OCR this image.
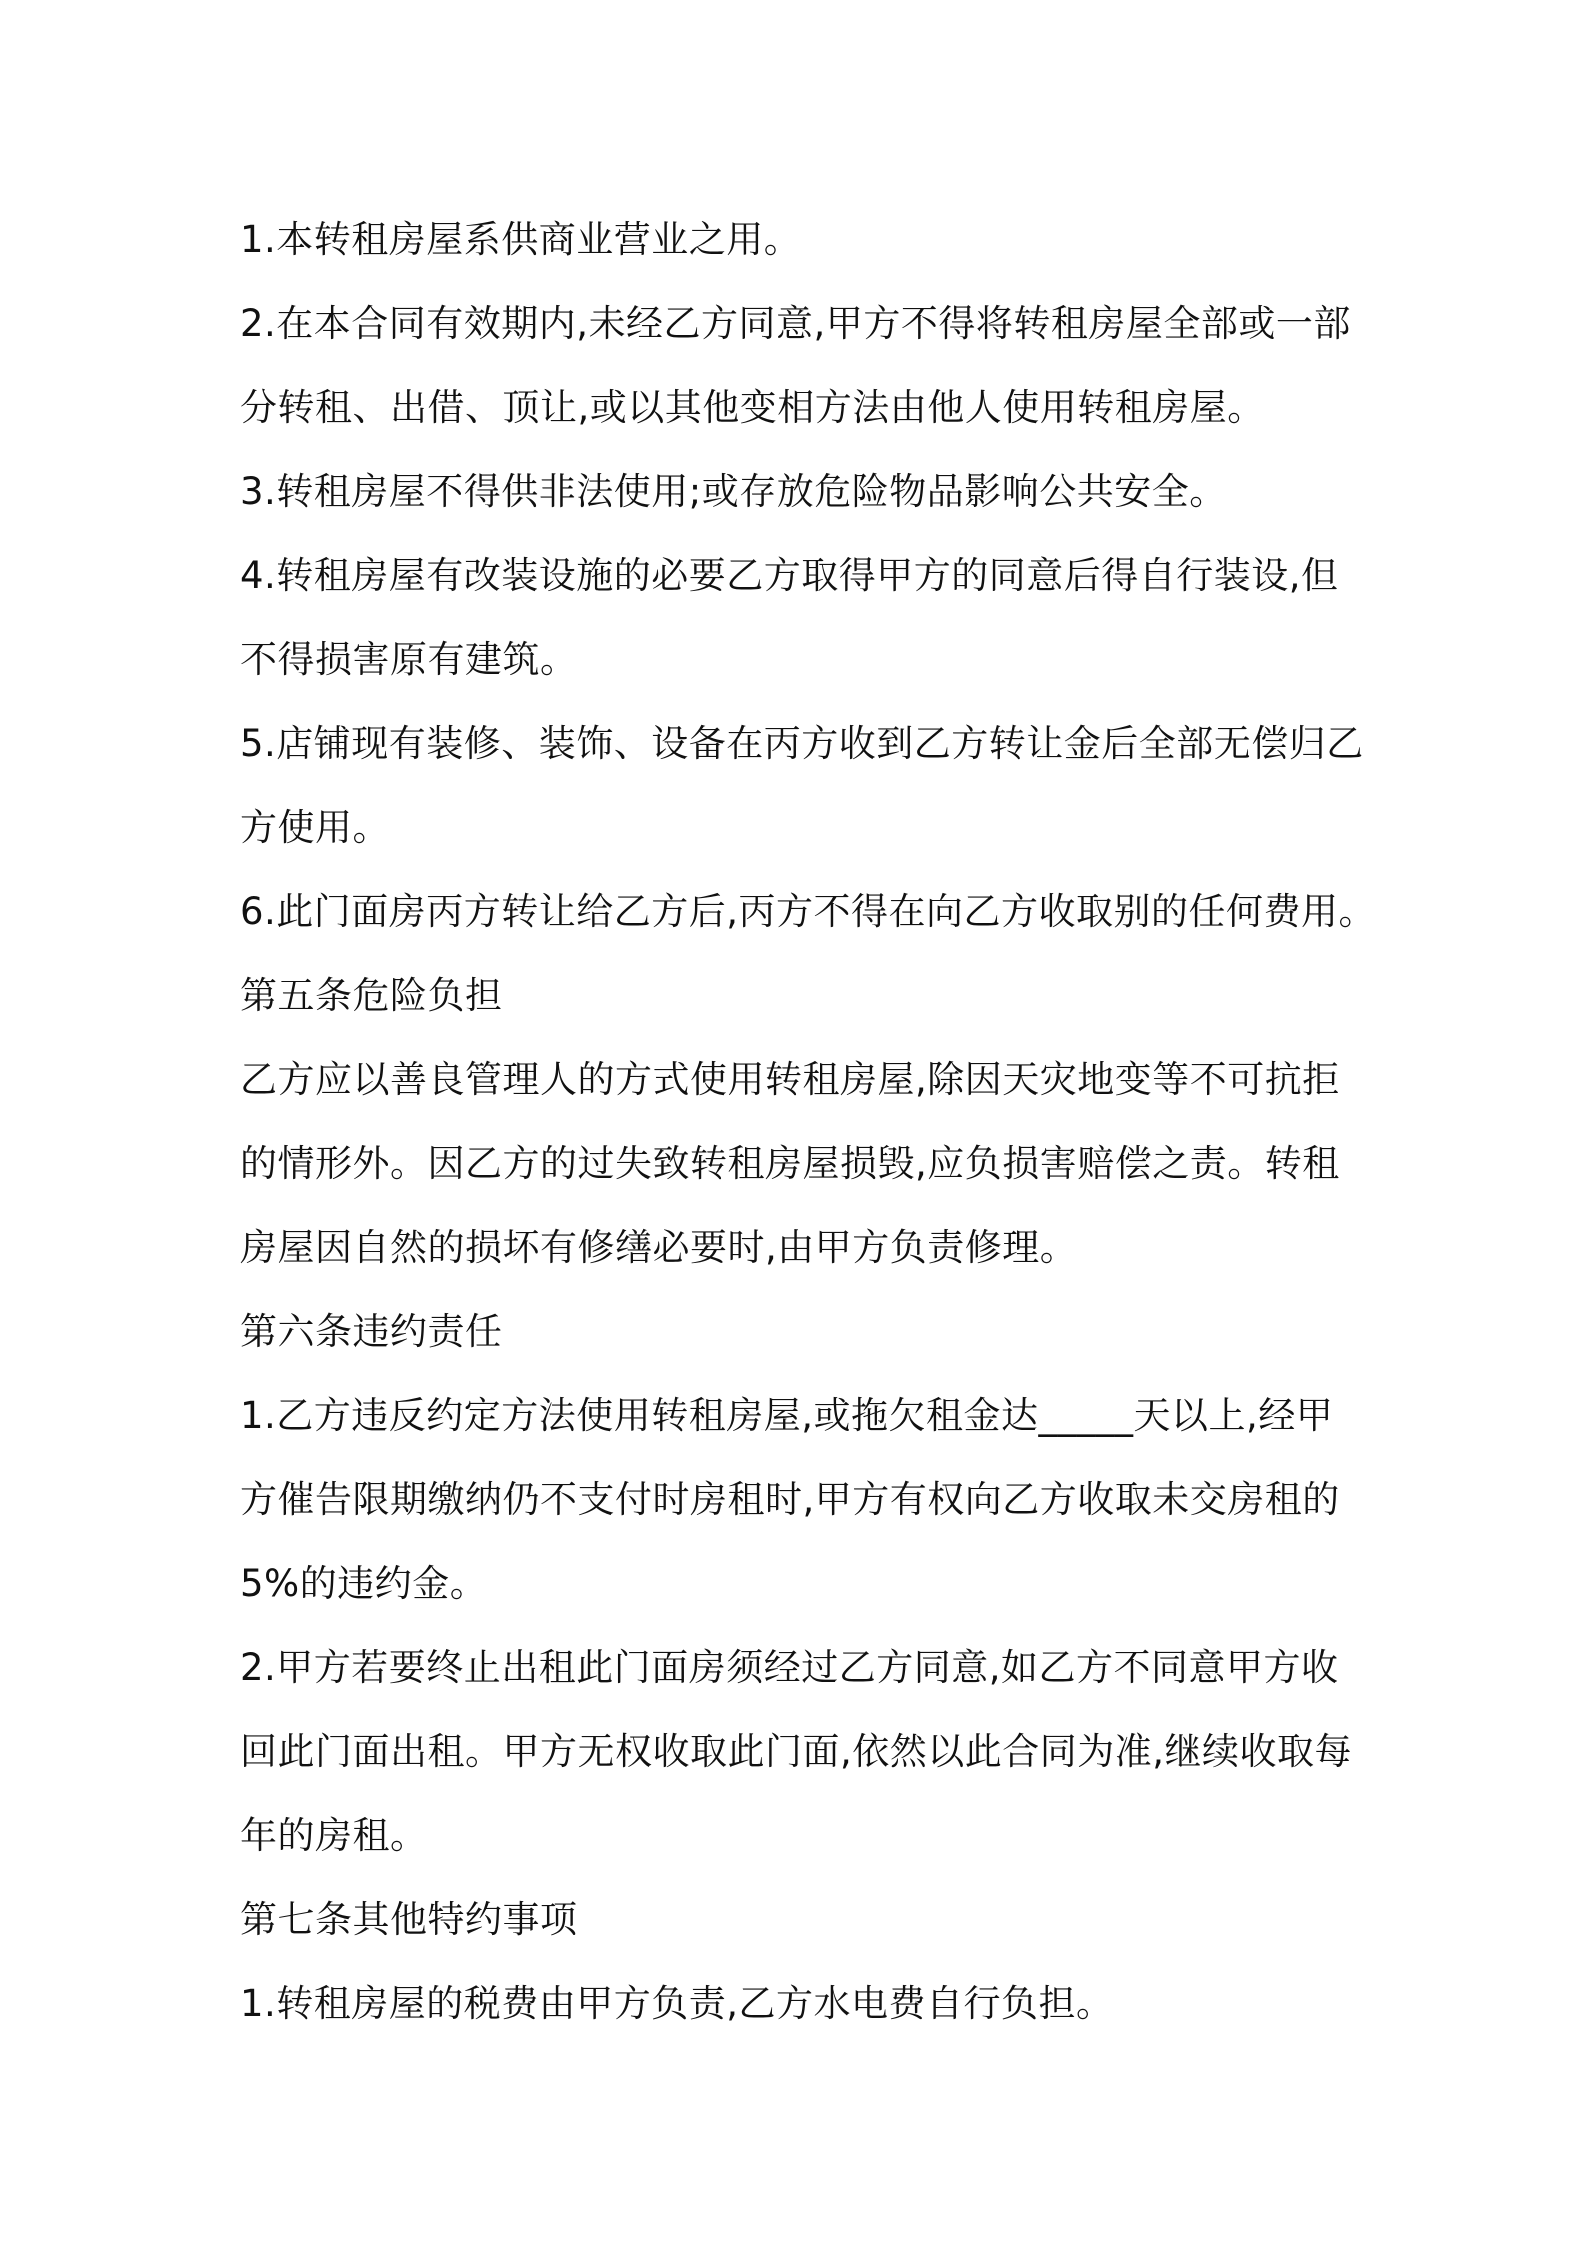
1.本转租房屋系供商业营业之用。
2.在本合同有效期内,未经乙方同意,甲方不得将转租房屋全部或一部
分转租、出借、顶让,或以其他变相方法由他人使用转租房屋。
3.转租房屋不得供非法使用;或存放危险物品影响公共安全。
4.转租房屋有改装设施的必要乙方取得甲方的同意后得自行装设,但
不得损害原有建筑。
5.店铺现有装修、装饰、设备在丙方收到乙方转让金后全部无偿归乙
方使用。
6.此门面房丙方转让给乙方后,丙方不得在向乙方收取别的任何费用。
第五条危险负担
乙方应以善良管理人的方式使用转租房屋,除因天灾地变等不可抗拒
的情形外。因乙方的过失致转租房屋损毁,应负损害赔偿之责。转租
房屋因自然的损坏有修缮必要时,由甲方负责修理。
第六条违约责任
1.乙方违反约定方法使用转租房屋,或拖欠租金达_____天以上,经甲
方催告限期缴纳仍不支付时房租时,甲方有权向乙方收取未交房租的
5%的违约金。
2.甲方若要终止出租此门面房须经过乙方同意,如乙方不同意甲方收
回此门面出租。甲方无权收取此门面,依然以此合同为准,继续收取每
年的房租。
第七条其他特约事项
1.转租房屋的税费由甲方负责,乙方水电费自行负担。
